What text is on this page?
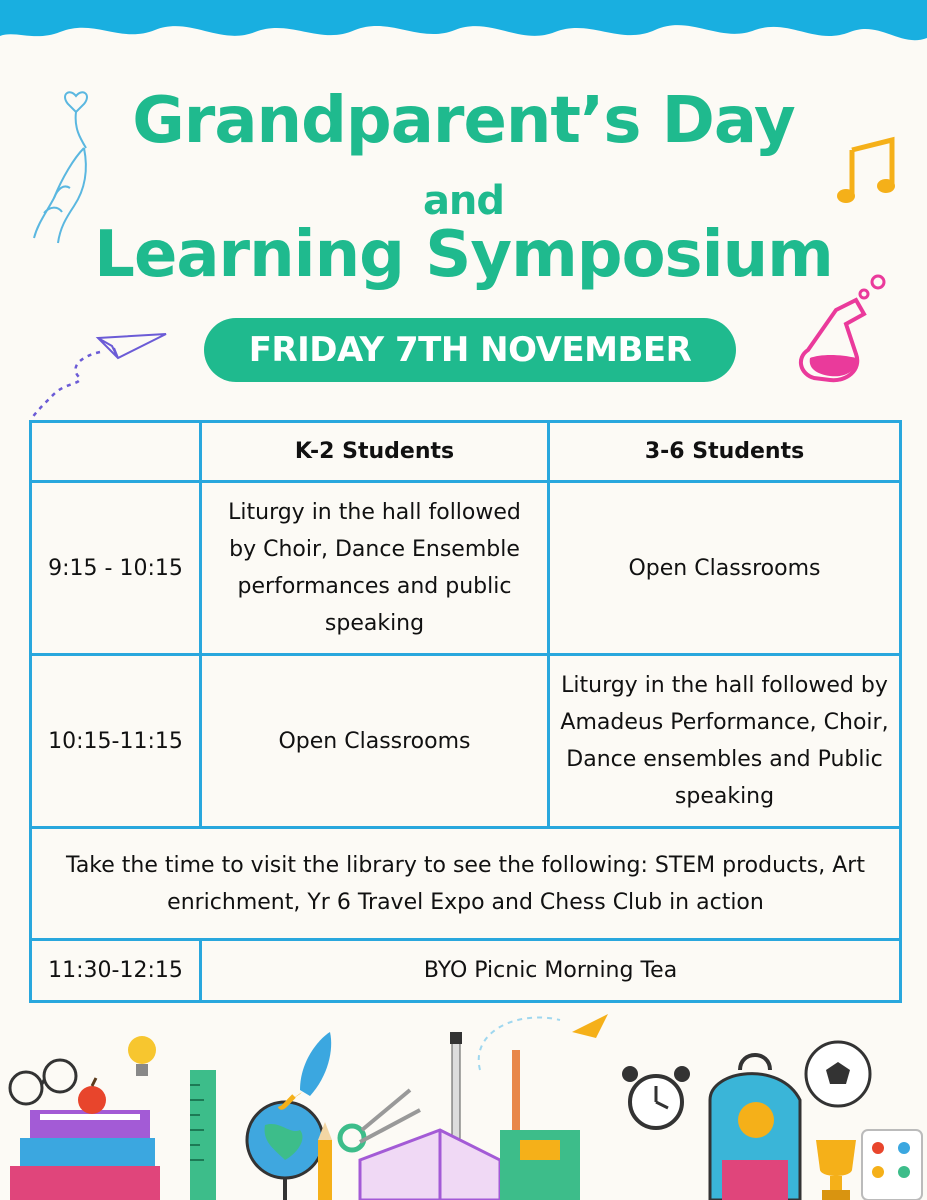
Grandparent’s Day
and
Learning Symposium
FRIDAY 7TH NOVEMBER
	K-2 Students	3-6 Students
9:15 - 10:15	Liturgy in the hall followed by Choir, Dance Ensemble performances and public speaking	Open Classrooms
10:15-11:15	Open Classrooms	Liturgy in the hall followed by Amadeus Performance, Choir, Dance ensembles and Public speaking
Take the time to visit the library to see the following: STEM products, Art enrichment, Yr 6 Travel Expo and Chess Club in action		
11:30-12:15	BYO Picnic Morning Tea	
